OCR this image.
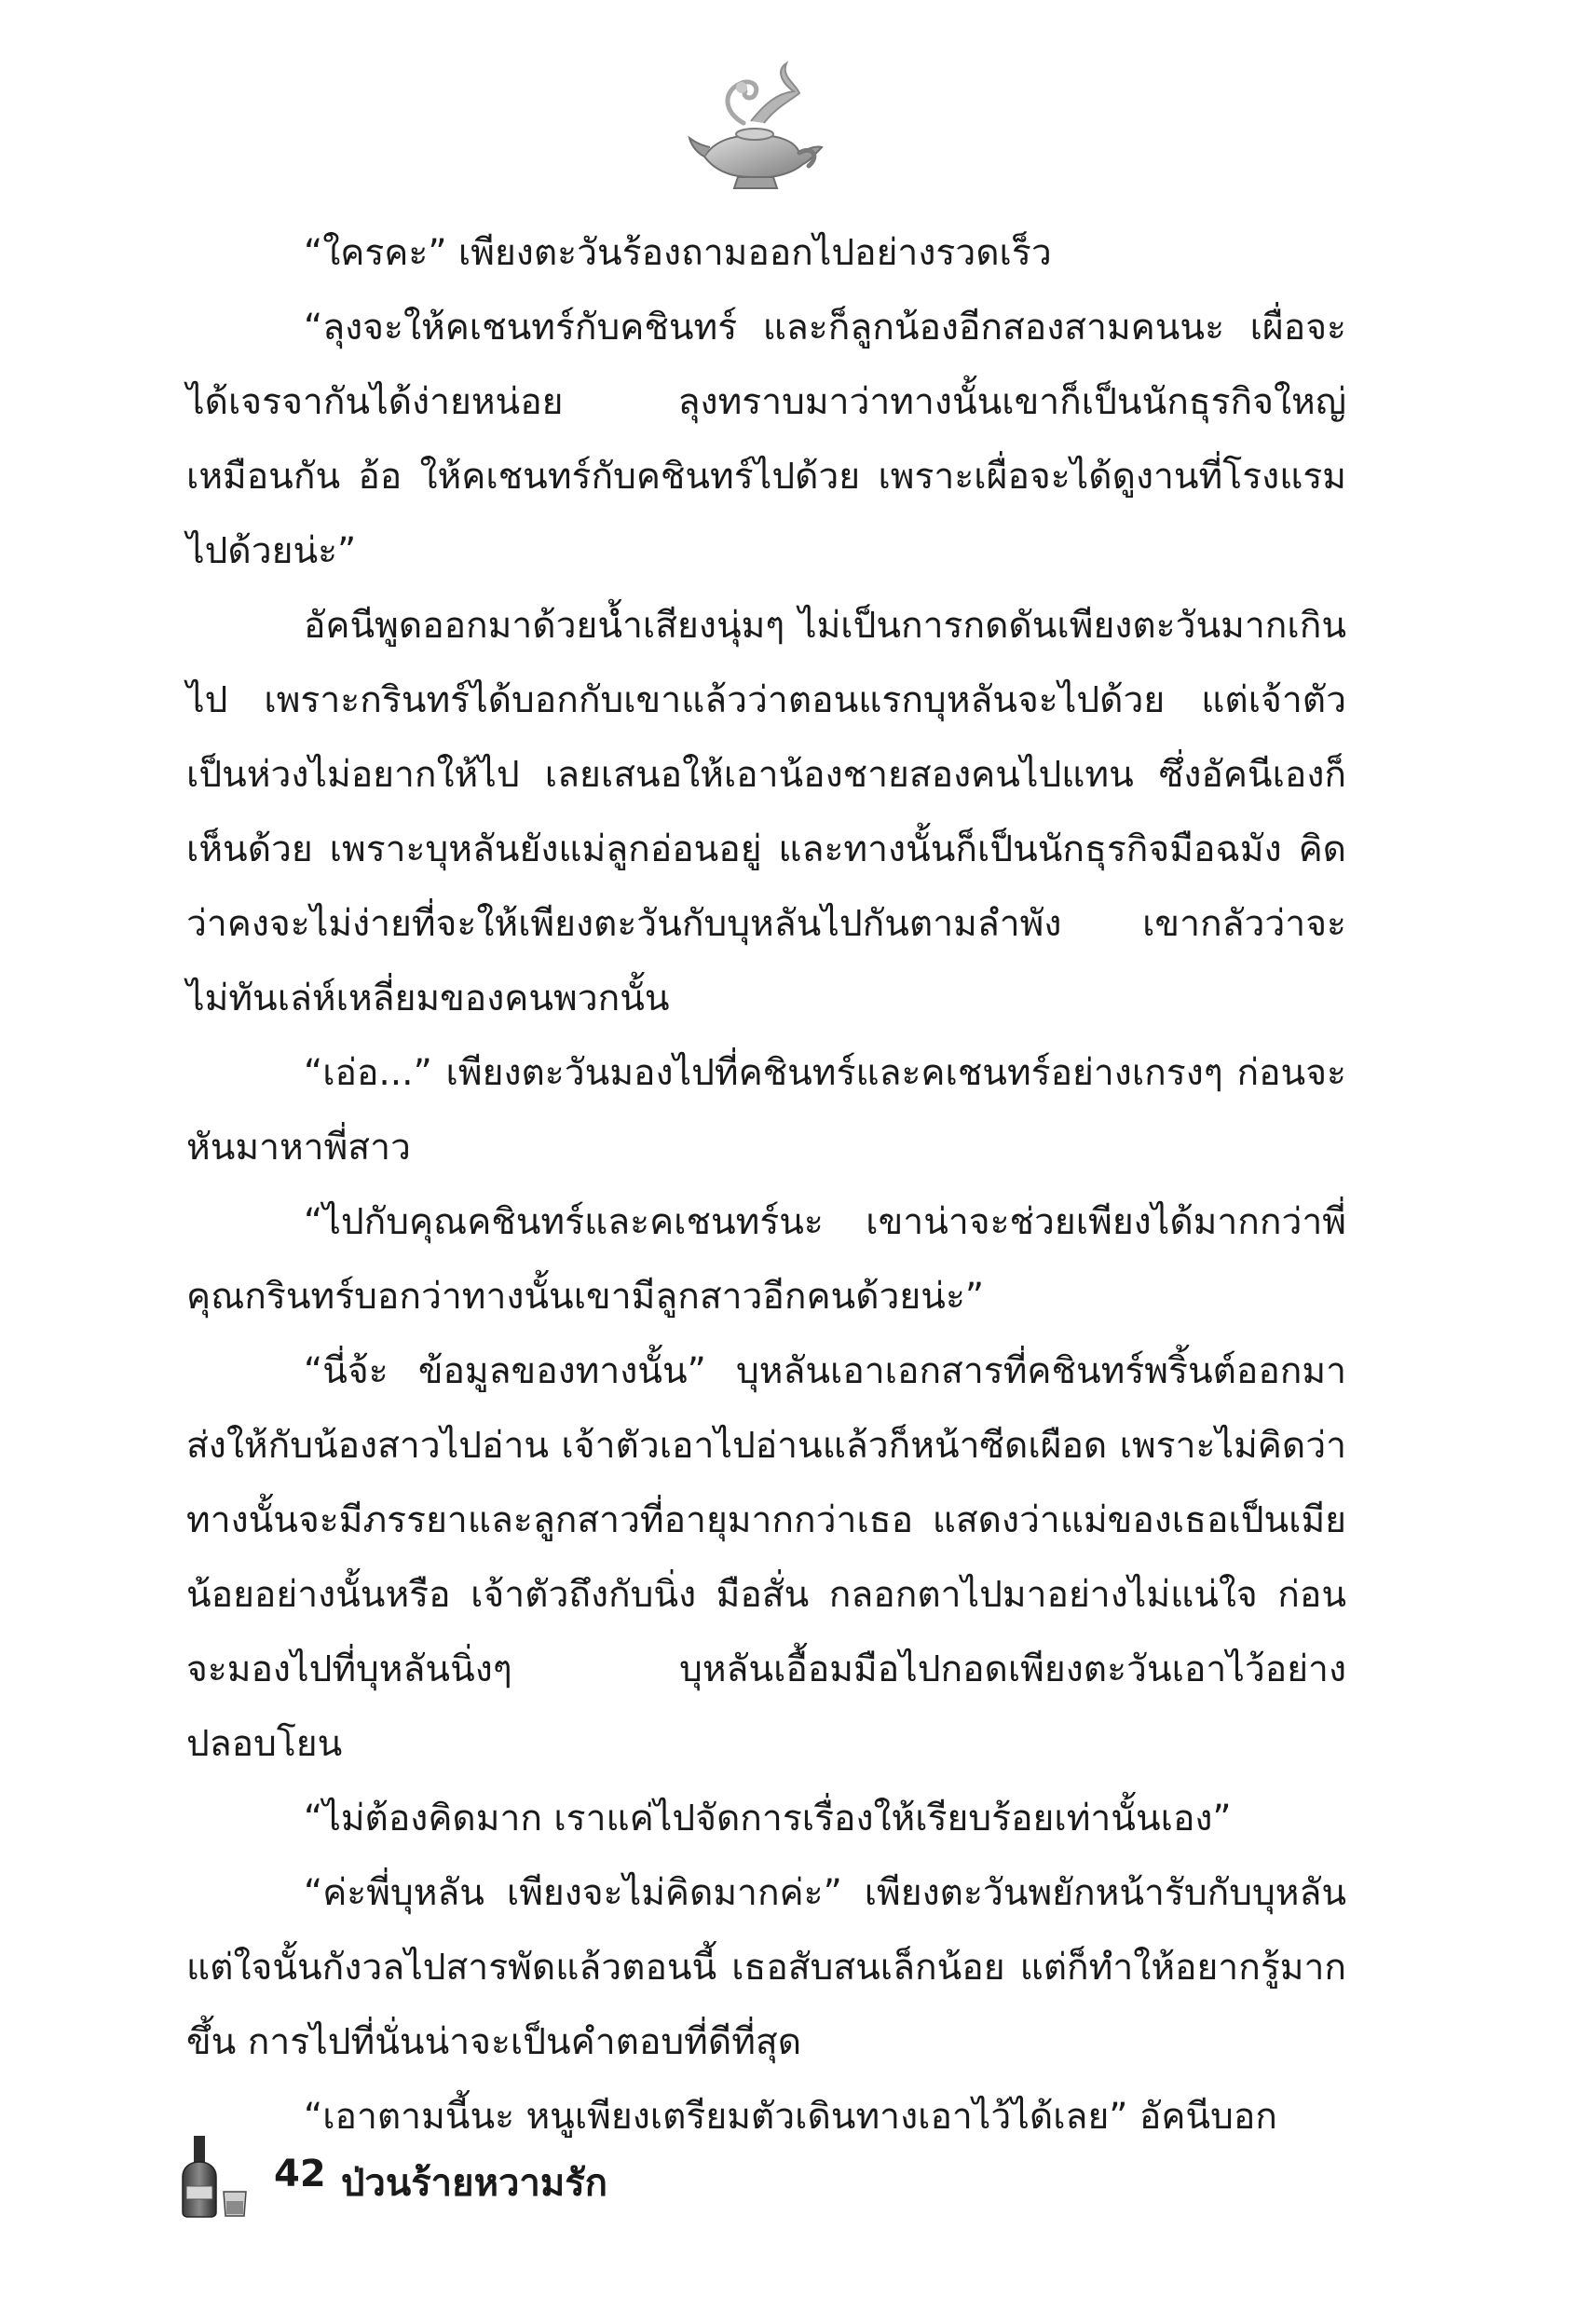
“ใครคะ” เพียงตะวันร้องถามออกไปอย่างรวดเร็ว

“ลุงจะให้คเชนทร์กับคชินทร์ และก็ลูกน้องอีกสองสามคนนะ เผื่อจะได้เจรจากันได้ง่ายหน่อย ลุงทราบมาว่าทางนั้นเขาก็เป็นนักธุรกิจใหญ่เหมือนกัน อ้อ ให้คเชนทร์กับคชินทร์ไปด้วย เพราะเผื่อจะได้ดูงานที่โรงแรมไปด้วยน่ะ”

อัคนีพูดออกมาด้วยน้ำเสียงนุ่มๆ ไม่เป็นการกดดันเพียงตะวันมากเกินไป เพราะกรินทร์ได้บอกกับเขาแล้วว่าตอนแรกบุหลันจะไปด้วย แต่เจ้าตัวเป็นห่วงไม่อยากให้ไป เลยเสนอให้เอาน้องชายสองคนไปแทน ซึ่งอัคนีเองก็เห็นด้วย เพราะบุหลันยังแม่ลูกอ่อนอยู่ และทางนั้นก็เป็นนักธุรกิจมือฉมัง คิดว่าคงจะไม่ง่ายที่จะให้เพียงตะวันกับบุหลันไปกันตามลำพัง เขากลัวว่าจะไม่ทันเล่ห์เหลี่ยมของคนพวกนั้น

“เอ่อ...” เพียงตะวันมองไปที่คชินทร์และคเชนทร์อย่างเกรงๆ ก่อนจะหันมาหาพี่สาว

“ไปกับคุณคชินทร์และคเชนทร์นะ เขาน่าจะช่วยเพียงได้มากกว่าพี่ คุณกรินทร์บอกว่าทางนั้นเขามีลูกสาวอีกคนด้วยน่ะ”

“นี่จ้ะ ข้อมูลของทางนั้น” บุหลันเอาเอกสารที่คชินทร์พริ้นต์ออกมาส่งให้กับน้องสาวไปอ่าน เจ้าตัวเอาไปอ่านแล้วก็หน้าซีดเผือด เพราะไม่คิดว่าทางนั้นจะมีภรรยาและลูกสาวที่อายุมากกว่าเธอ แสดงว่าแม่ของเธอเป็นเมียน้อยอย่างนั้นหรือ เจ้าตัวถึงกับนิ่ง มือสั่น กลอกตาไปมาอย่างไม่แน่ใจ ก่อนจะมองไปที่บุหลันนิ่งๆ บุหลันเอื้อมมือไปกอดเพียงตะวันเอาไว้อย่างปลอบโยน

“ไม่ต้องคิดมาก เราแค่ไปจัดการเรื่องให้เรียบร้อยเท่านั้นเอง”

“ค่ะพี่บุหลัน เพียงจะไม่คิดมากค่ะ” เพียงตะวันพยักหน้ารับกับบุหลัน แต่ใจนั้นกังวลไปสารพัดแล้วตอนนี้ เธอสับสนเล็กน้อย แต่ก็ทำให้อยากรู้มากขึ้น การไปที่นั่นน่าจะเป็นคำตอบที่ดีที่สุด

“เอาตามนี้นะ หนูเพียงเตรียมตัวเดินทางเอาไว้ได้เลย” อัคนีบอก

42 ป่วนร้ายหวามรัก
